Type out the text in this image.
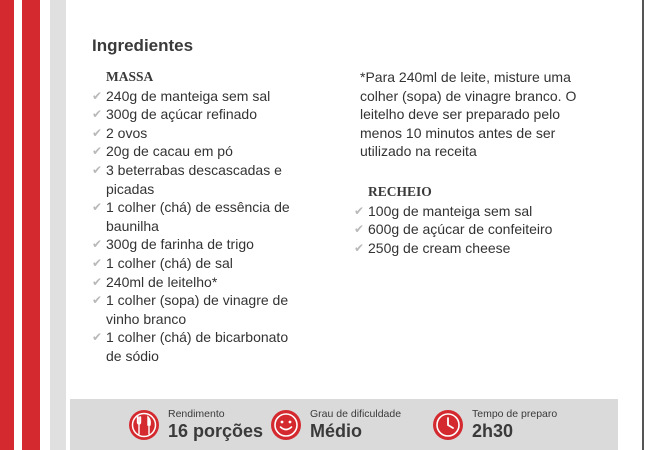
Ingredientes
MASSA
✔ 240g de manteiga sem sal
✔ 300g de açúcar refinado
✔ 2 ovos
✔ 20g de cacau em pó
✔ 3 beterrabas descascadas e picadas
✔ 1 colher (chá) de essência de baunilha
✔ 300g de farinha de trigo
✔ 1 colher (chá) de sal
✔ 240ml de leitelho*
✔ 1 colher (sopa) de vinagre de vinho branco
✔ 1 colher (chá) de bicarbonato de sódio
*Para 240ml de leite, misture uma colher (sopa) de vinagre branco. O leitelho deve ser preparado pelo menos 10 minutos antes de ser utilizado na receita
RECHEIO
✔ 100g de manteiga sem sal
✔ 600g de açúcar de confeiteiro
✔ 250g de cream cheese
Rendimento
16 porções
Grau de dificuldade
Médio
Tempo de preparo
2h30
